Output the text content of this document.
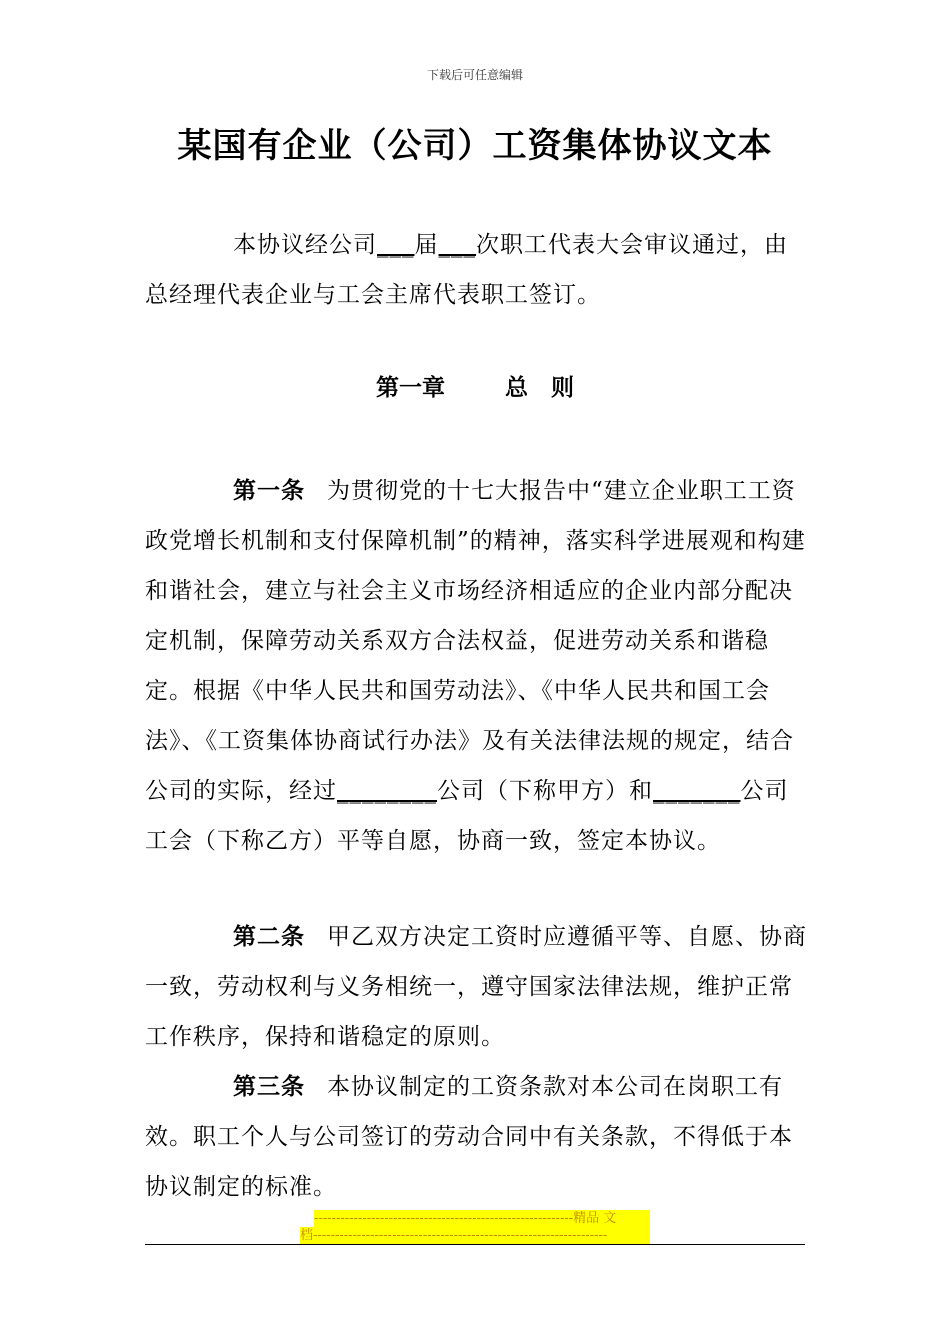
下载后可任意编辑
某国有企业（公司）工资集体协议文本

本协议经公司___届___次职工代表大会审议通过，由总经理代表企业与工会主席代表职工签订。

第一章	总　则

第一条 为贯彻党的十七大报告中“建立企业职工工资政党增长机制和支付保障机制”的精神，落实科学进展观和构建和谐社会，建立与社会主义市场经济相适应的企业内部分配决定机制，保障劳动关系双方合法权益，促进劳动关系和谐稳定。根据《中华人民共和国劳动法》、《中华人民共和国工会法》、《工资集体协商试行办法》及有关法律法规的规定，结合公司的实际，经过________公司（下称甲方）和_______公司工会（下称乙方）平等自愿，协商一致，签定本协议。

第二条 甲乙双方决定工资时应遵循平等、自愿、协商一致，劳动权利与义务相统一，遵守国家法律法规，维护正常工作秩序，保持和谐稳定的原则。

第三条 本协议制定的工资条款对本公司在岗职工有效。职工个人与公司签订的劳动合同中有关条款，不得低于本协议制定的标准。

-----------------------------------------------------------精品 文
档-------------------------------------------------------------------
